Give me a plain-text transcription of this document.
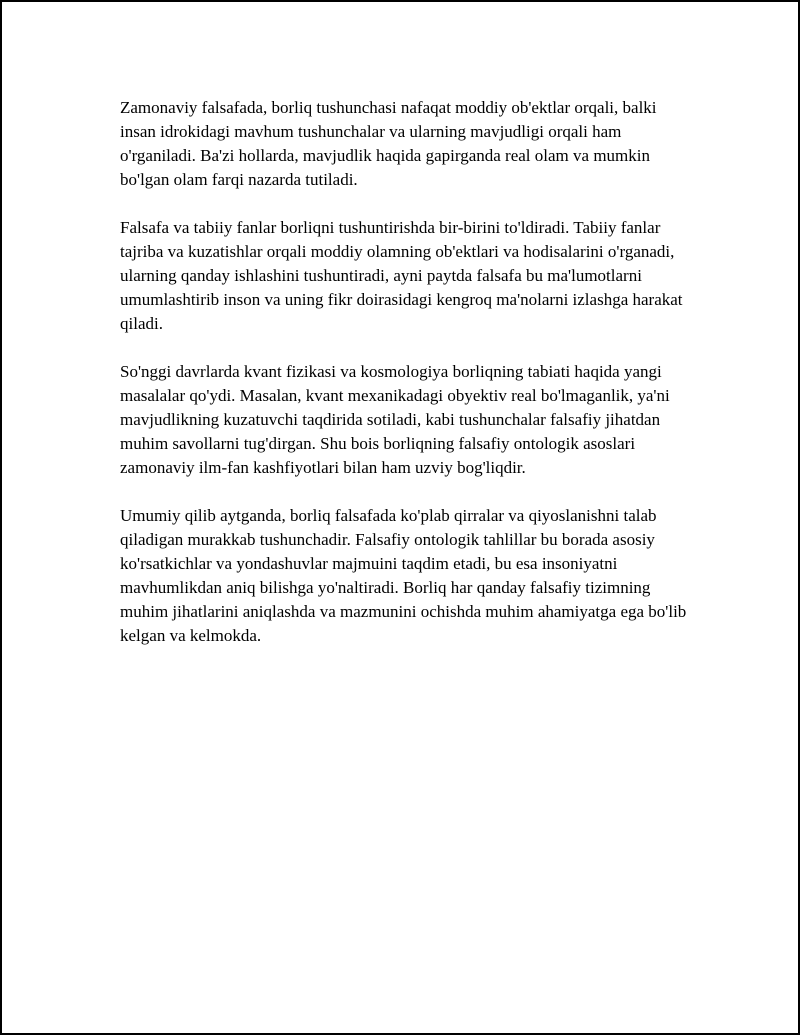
Zamonaviy falsafada, borliq tushunchasi nafaqat moddiy ob'ektlar orqali, balki insan idrokidagi mavhum tushunchalar va ularning mavjudligi orqali ham o'rganiladi. Ba'zi hollarda, mavjudlik haqida gapirganda real olam va mumkin bo'lgan olam farqi nazarda tutiladi.

Falsafa va tabiiy fanlar borliqni tushuntirishda bir-birini to'ldiradi. Tabiiy fanlar tajriba va kuzatishlar orqali moddiy olamning ob'ektlari va hodisalarini o'rganadi, ularning qanday ishlashini tushuntiradi, ayni paytda falsafa bu ma'lumotlarni umumlashtirib inson va uning fikr doirasidagi kengroq ma'nolarni izlashga harakat qiladi.

So'nggi davrlarda kvant fizikasi va kosmologiya borliqning tabiati haqida yangi masalalar qo'ydi. Masalan, kvant mexanikadagi obyektiv real bo'lmaganlik, ya'ni mavjudlikning kuzatuvchi taqdirida sotiladi, kabi tushunchalar falsafiy jihatdan muhim savollarni tug'dirgan. Shu bois borliqning falsafiy ontologik asoslari zamonaviy ilm-fan kashfiyotlari bilan ham uzviy bog'liqdir.

Umumiy qilib aytganda, borliq falsafada ko'plab qirralar va qiyoslanishni talab qiladigan murakkab tushunchadir. Falsafiy ontologik tahlillar bu borada asosiy ko'rsatkichlar va yondashuvlar majmuini taqdim etadi, bu esa insoniyatni mavhumlikdan aniq bilishga yo'naltiradi. Borliq har qanday falsafiy tizimning muhim jihatlarini aniqlashda va mazmunini ochishda muhim ahamiyatga ega bo'lib kelgan va kelmokda.
